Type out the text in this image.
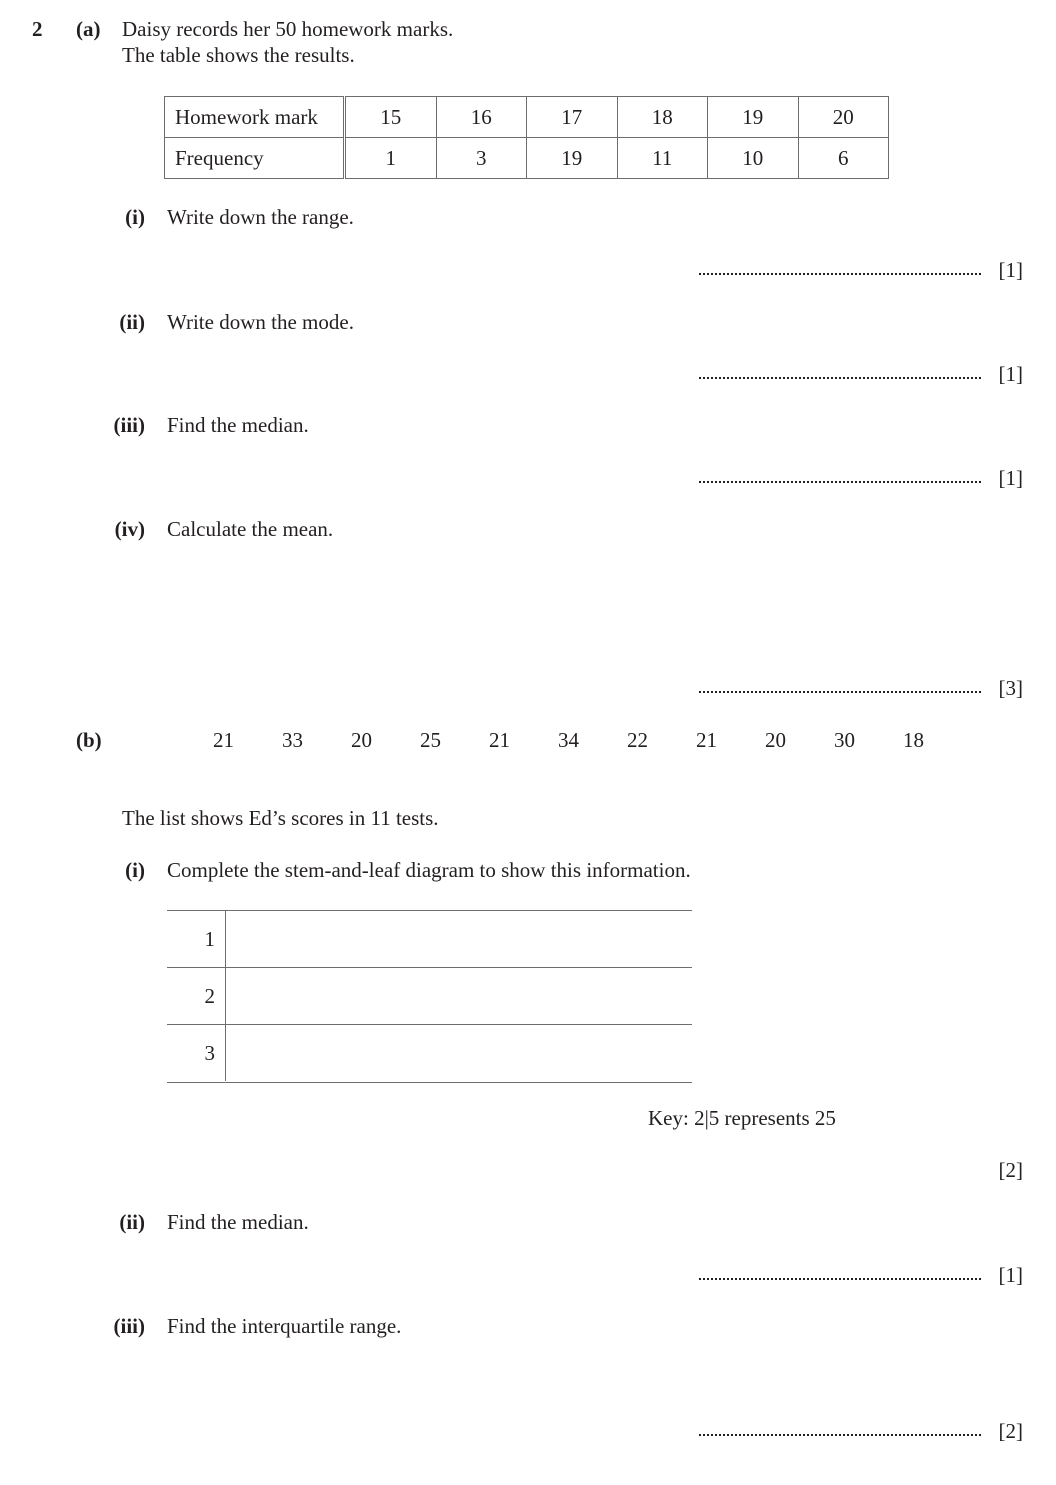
2 (a) Daisy records her 50 homework marks.
The table shows the results.
Homework mark	15	16	17	18	19	20
Frequency	1	3	19	11	10	6
(i) Write down the range.
[1]
(ii) Write down the mode.
[1]
(iii) Find the median.
[1]
(iv) Calculate the mean.
[3]
(b)	21 33 20 25 21 34 22 21 20 30 18
The list shows Ed’s scores in 11 tests.
(i) Complete the stem-and-leaf diagram to show this information.
1
2
3
Key: 2|5 represents 25
[2]
(ii) Find the median.
[1]
(iii) Find the interquartile range.
[2]
